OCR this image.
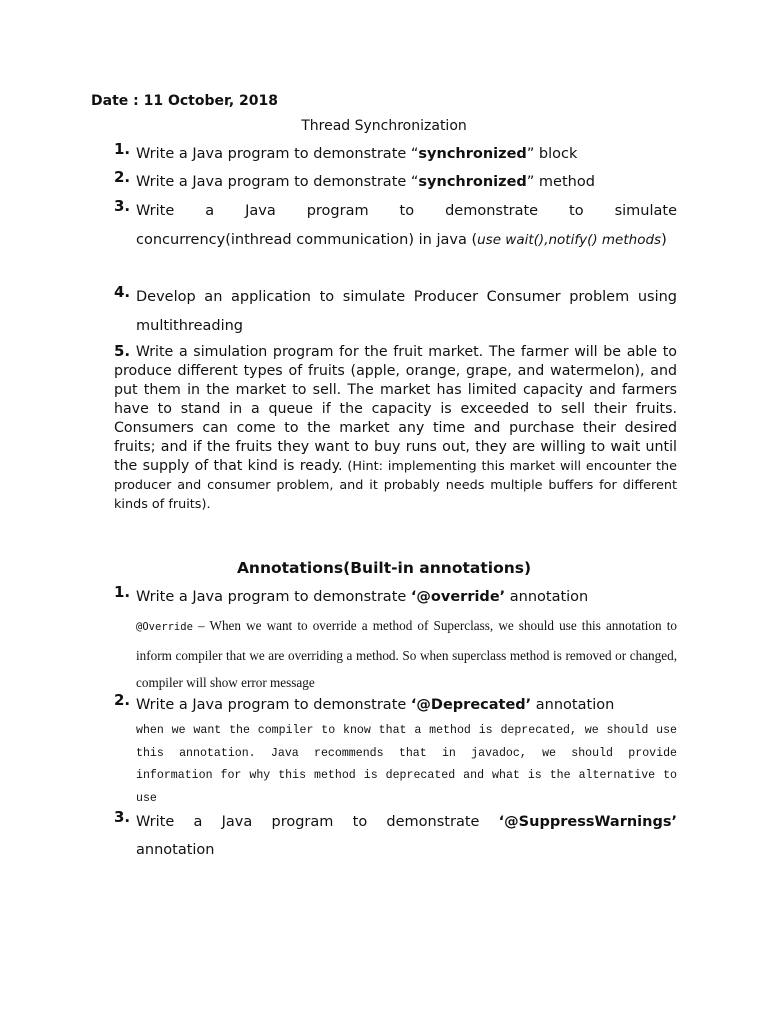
Date : 11 October, 2018
Thread Synchronization
1. Write a Java program to demonstrate “synchronized” block
2. Write a Java program to demonstrate “synchronized” method
3. Write a Java program to demonstrate to simulate
concurrency(inthread communication) in java (use wait(),notify() methods)
4. Develop an application to simulate Producer Consumer problem using multithreading
5. Write a simulation program for the fruit market. The farmer will be able to produce different types of fruits (apple, orange, grape, and watermelon), and put them in the market to sell. The market has limited capacity and farmers have to stand in a queue if the capacity is exceeded to sell their fruits. Consumers can come to the market any time and purchase their desired fruits; and if the fruits they want to buy runs out, they are willing to wait until the supply of that kind is ready. (Hint: implementing this market will encounter the producer and consumer problem, and it probably needs multiple buffers for different kinds of fruits).
Annotations(Built-in annotations)
1. Write a Java program to demonstrate ‘@override’ annotation
@Override – When we want to override a method of Superclass, we should use this annotation to inform compiler that we are overriding a method. So when superclass method is removed or changed, compiler will show error message
2. Write a Java program to demonstrate ‘@Deprecated’ annotation
when we want the compiler to know that a method is deprecated, we should use this annotation. Java recommends that in javadoc, we should provide information for why this method is deprecated and what is the alternative to use
3. Write a Java program to demonstrate ‘@SuppressWarnings’
annotation
